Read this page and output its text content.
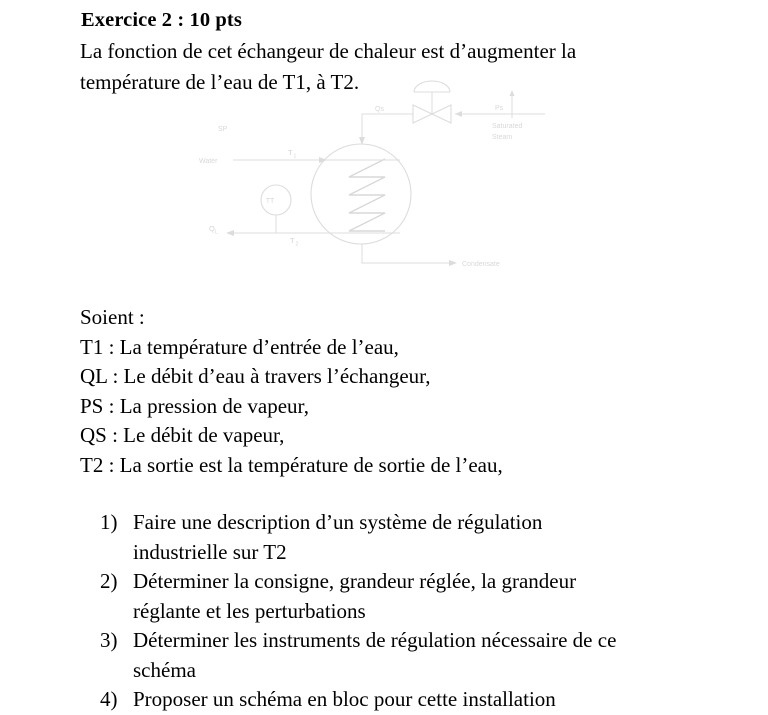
Exercice 2 : 10 pts
La fonction de cet échangeur de chaleur est d’augmenter la
température de l’eau de T1, à T2.
SP
Water
T 1
T 2
Q L
TT
Qs	Ps
Saturated
Steam
Condensate
Soient :
T1 : La température d’entrée de l’eau,
QL : Le débit d’eau à travers l’échangeur,
PS : La pression de vapeur,
QS : Le débit de vapeur,
T2 : La sortie est la température de sortie de l’eau,
1) Faire une description d’un système de régulation
industrielle sur T2
2) Déterminer la consigne, grandeur réglée, la grandeur
réglante et les perturbations
3) Déterminer les instruments de régulation nécessaire de ce
schéma
4) Proposer un schéma en bloc pour cette installation
